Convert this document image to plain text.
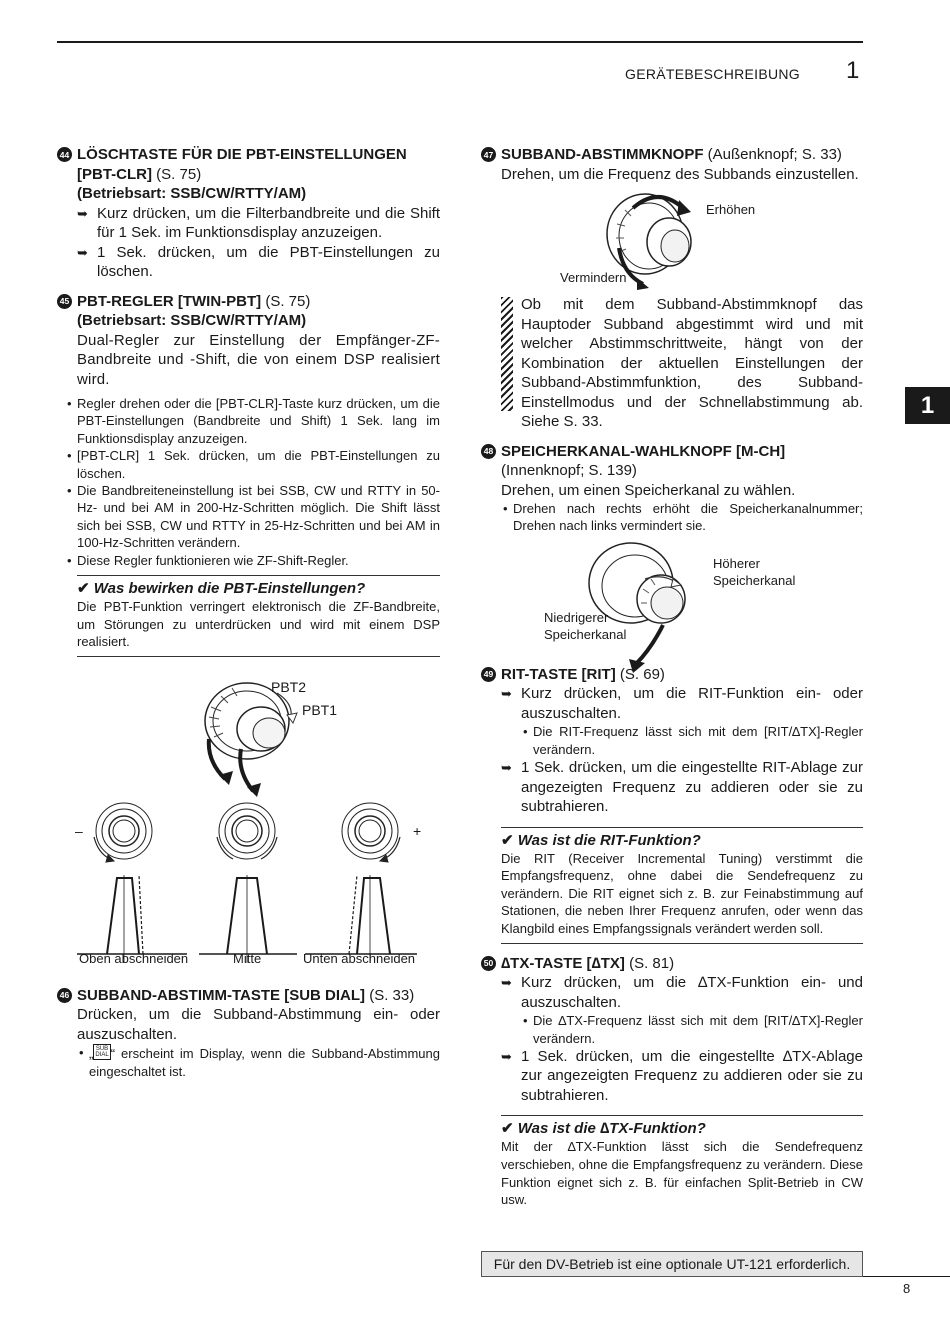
GERÄTEBESCHREIBUNG 1
1
44 LÖSCHTASTE FÜR DIE PBT-EINSTELLUNGEN [PBT-CLR] (S. 75)
(Betriebsart: SSB/CW/RTTY/AM)
➥ Kurz drücken, um die Filterbandbreite und die Shift für 1 Sek. im Funktionsdisplay anzuzeigen.
➥ 1 Sek. drücken, um die PBT-Einstellungen zu löschen.
45 PBT-REGLER [TWIN-PBT] (S. 75)
(Betriebsart: SSB/CW/RTTY/AM)
Dual-Regler zur Einstellung der Empfänger-ZF-Bandbreite und -Shift, die von einem DSP realisiert wird.
• Regler drehen oder die [PBT-CLR]-Taste kurz drücken, um die PBT-Einstellungen (Bandbreite und Shift) 1 Sek. lang im Funktionsdisplay anzuzeigen.
• [PBT-CLR] 1 Sek. drücken, um die PBT-Einstellungen zu löschen.
• Die Bandbreiteneinstellung ist bei SSB, CW und RTTY in 50-Hz- und bei AM in 200-Hz-Schritten möglich. Die Shift lässt sich bei SSB, CW und RTTY in 25-Hz-Schritten und bei AM in 100-Hz-Schritten verändern.
• Diese Regler funktionieren wie ZF-Shift-Regler.
✔ Was bewirken die PBT-Einstellungen?
Die PBT-Funktion verringert elektronisch die ZF-Bandbreite, um Störungen zu unterdrücken und wird mit einem DSP realisiert.
PBT2
PBT1
–	+
Oben abschneiden	Mitte	Unten abschneiden
46 SUBBAND-ABSTIMM-TASTE [SUB DIAL] (S. 33)
Drücken, um die Subband-Abstimmung ein- oder auszuschalten.
• „ SUB
DIAL “ erscheint im Display, wenn die Subband-Abstimmung eingeschaltet ist.
47 SUBBAND-ABSTIMMKNOPF (Außenknopf; S. 33)
Drehen, um die Frequenz des Subbands einzustellen.
Erhöhen
Vermindern
Ob mit dem Subband-Abstimmknopf das Hauptoder Subband abgestimmt wird und mit welcher Abstimmschrittweite, hängt von der Kombination der aktuellen Einstellungen der Subband-Abstimmfunktion, des Subband-Einstellmodus und der Schnellabstimmung ab. Siehe S. 33.
48 SPEICHERKANAL-WAHLKNOPF [M-CH]
(Innenknopf; S. 139)
Drehen, um einen Speicherkanal zu wählen.
• Drehen nach rechts erhöht die Speicherkanalnummer; Drehen nach links vermindert sie.
Höherer
Speicherkanal
Niedrigerer
Speicherkanal
49 RIT-TASTE [RIT] (S. 69)
➥ Kurz drücken, um die RIT-Funktion ein- oder auszuschalten.
• Die RIT-Frequenz lässt sich mit dem [RIT/∆TX]-Regler verändern.
➥ 1 Sek. drücken, um die eingestellte RIT-Ablage zur angezeigten Frequenz zu addieren oder sie zu subtrahieren.
✔ Was ist die RIT-Funktion?
Die RIT (Receiver Incremental Tuning) verstimmt die Empfangsfrequenz, ohne dabei die Sendefrequenz zu verändern. Die RIT eignet sich z. B. zur Feinabstimmung auf Stationen, die neben Ihrer Frequenz anrufen, oder wenn das Klangbild eines Empfangssignals verändert werden soll.
50 ∆TX-TASTE [∆TX] (S. 81)
➥ Kurz drücken, um die ∆TX-Funktion ein- und auszuschalten.
• Die ∆TX-Frequenz lässt sich mit dem [RIT/∆TX]-Regler verändern.
➥ 1 Sek. drücken, um die eingestellte ∆TX-Ablage zur angezeigten Frequenz zu addieren oder sie zu subtrahieren.
✔ Was ist die ∆TX-Funktion?
Mit der ∆TX-Funktion lässt sich die Sendefrequenz verschieben, ohne die Empfangsfrequenz zu verändern. Diese Funktion eignet sich z. B. für einfachen Split-Betrieb in CW usw.
Für den DV-Betrieb ist eine optionale UT-121 erforderlich.
8
